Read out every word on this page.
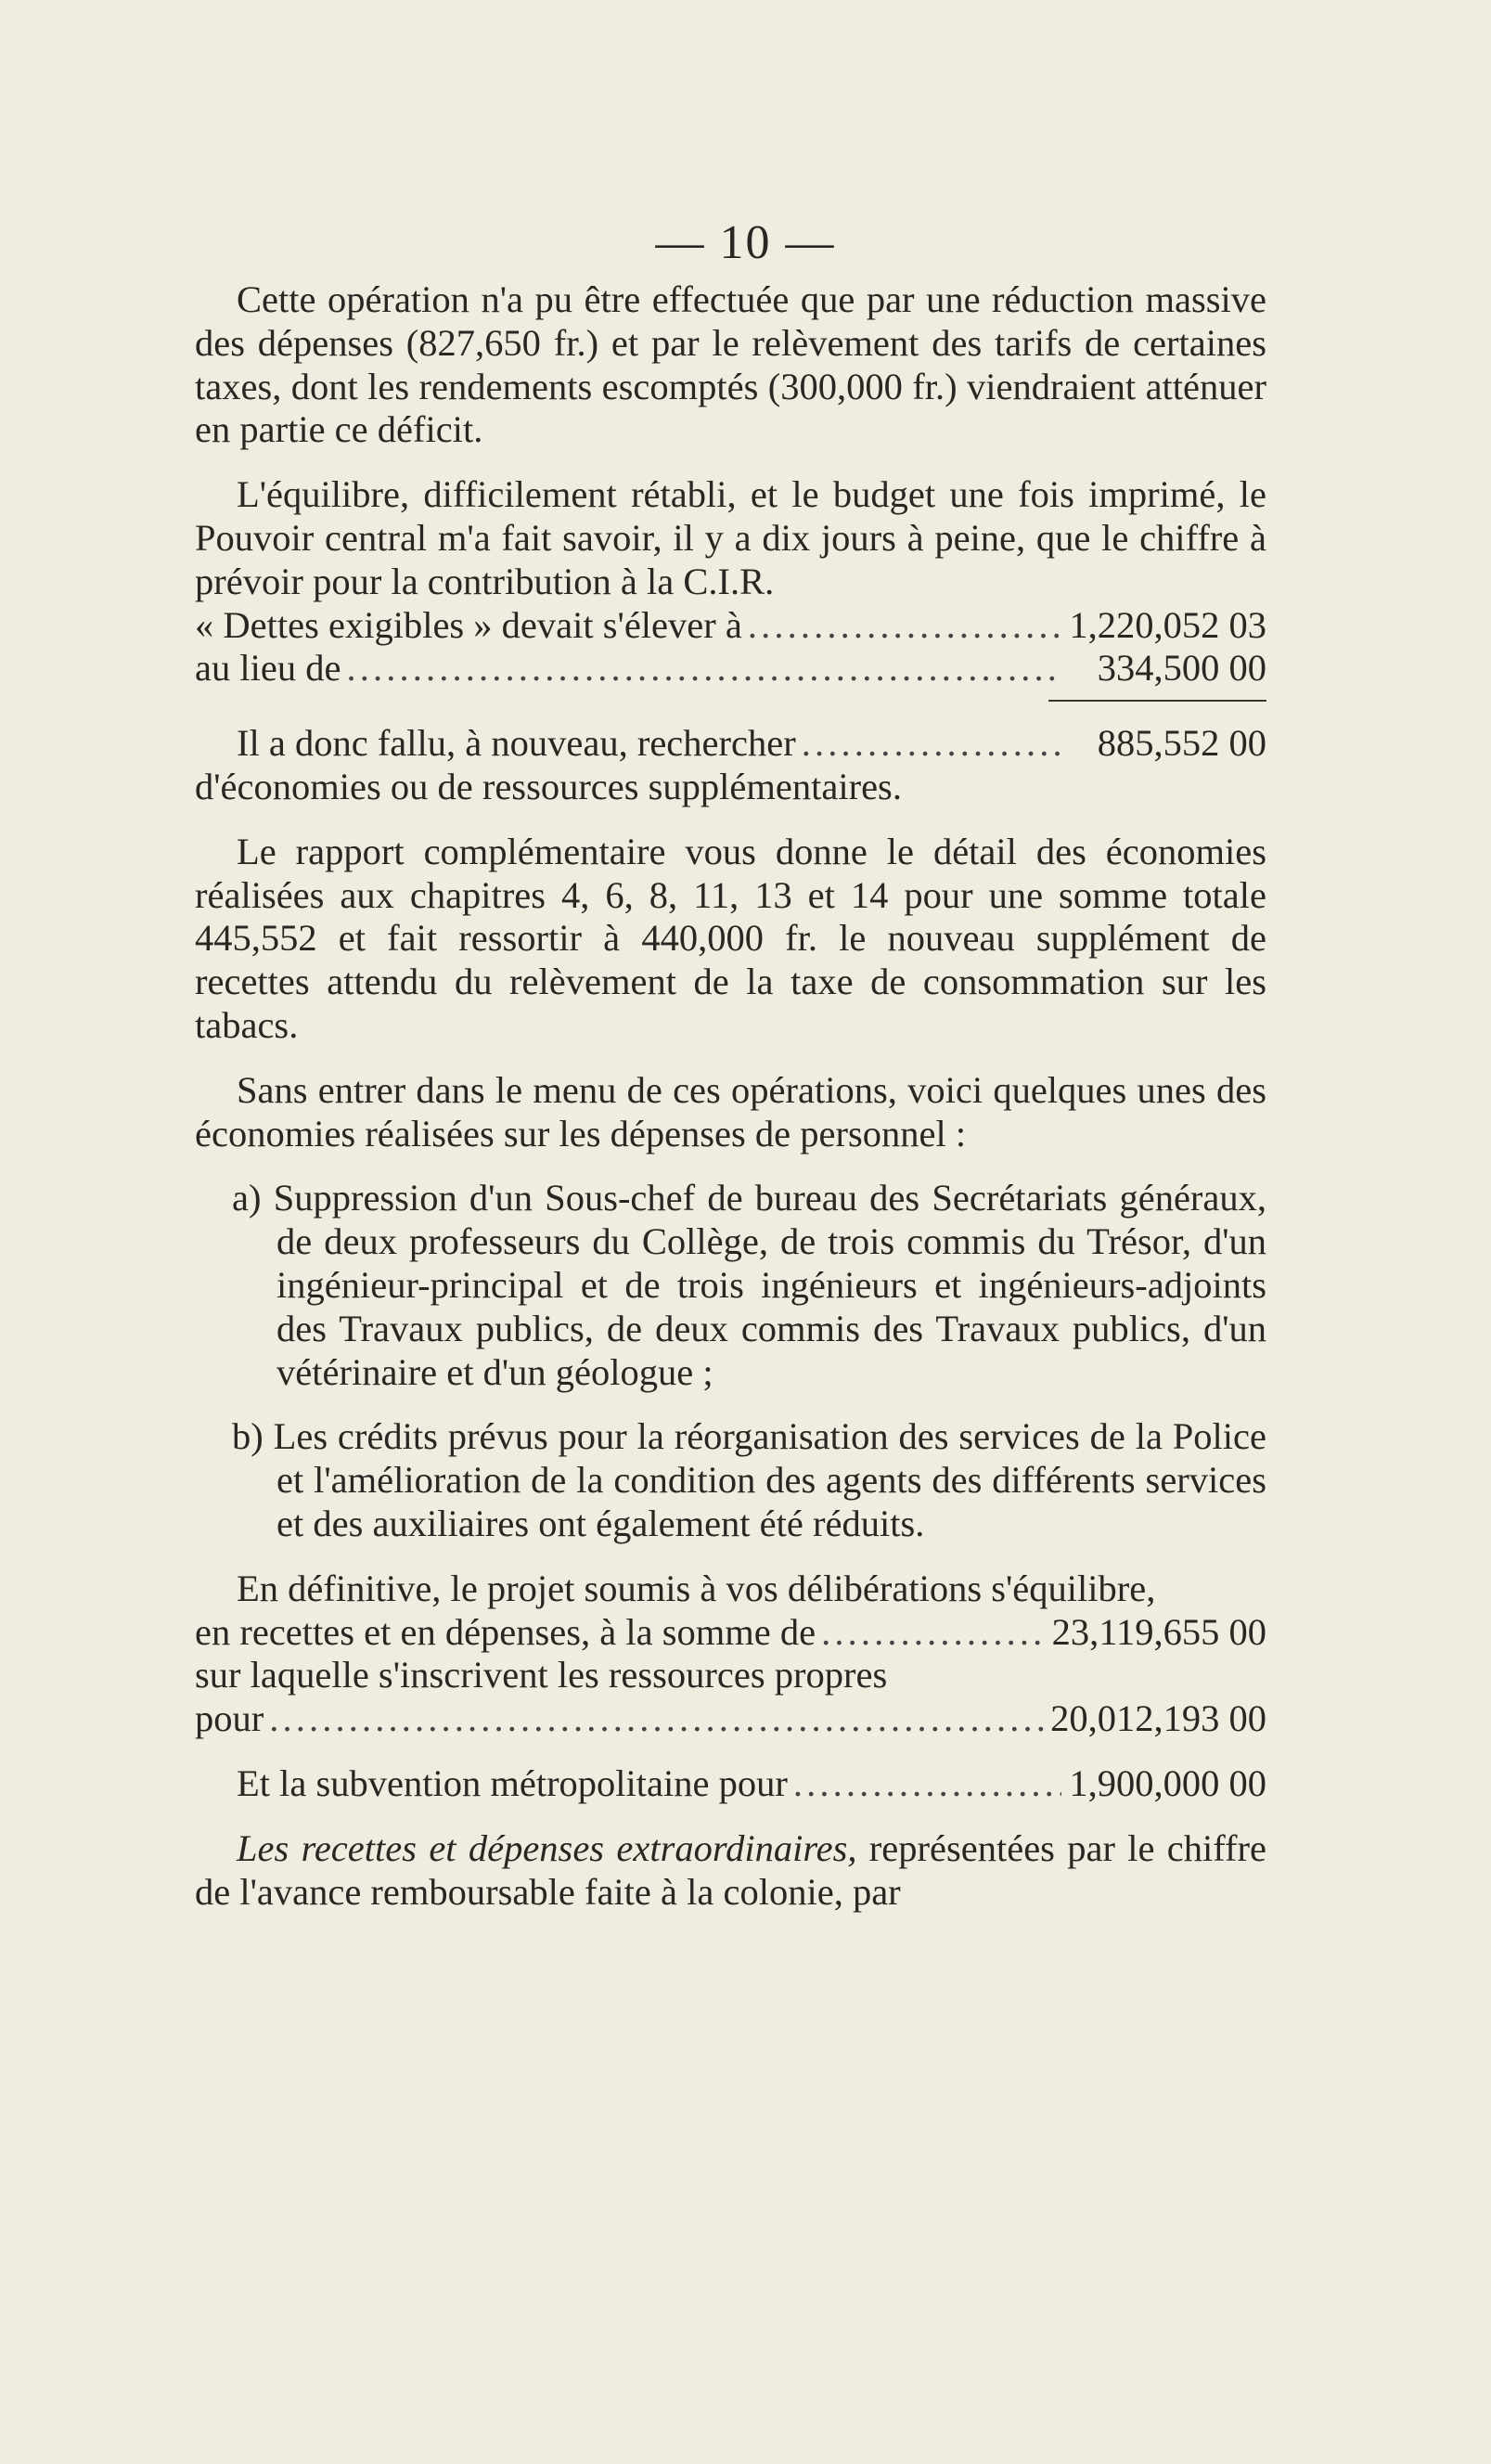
— 10 —

Cette opération n'a pu être effectuée que par une réduction massive des dépenses (827,650 fr.) et par le relèvement des tarifs de certaines taxes, dont les rendements escomptés (300,000 fr.) viendraient atténuer en partie ce déficit.

L'équilibre, difficilement rétabli, et le budget une fois imprimé, le Pouvoir central m'a fait savoir, il y a dix jours à peine, que le chiffre à prévoir pour la contribution à la C.I.R.

« Dettes exigibles » devait s'élever à . . .	1,220,052 03
au lieu de . . .	334,500 00
Il a donc fallu, à nouveau, rechercher . . .	885,552 00
d'économies ou de ressources supplémentaires.

Le rapport complémentaire vous donne le détail des économies réalisées aux chapitres 4, 6, 8, 11, 13 et 14 pour une somme totale 445,552 et fait ressortir à 440,000 fr. le nouveau supplément de recettes attendu du relèvement de la taxe de consommation sur les tabacs.

Sans entrer dans le menu de ces opérations, voici quelques unes des économies réalisées sur les dépenses de personnel :

a) Suppression d'un Sous-chef de bureau des Secrétariats généraux, de deux professeurs du Collège, de trois commis du Trésor, d'un ingénieur-principal et de trois ingénieurs et ingénieurs-adjoints des Travaux publics, de deux commis des Travaux publics, d'un vétérinaire et d'un géologue ;

b) Les crédits prévus pour la réorganisation des services de la Police et l'amélioration de la condition des agents des différents services et des auxiliaires ont également été réduits.

En définitive, le projet soumis à vos délibérations s'équilibre,
en recettes et en dépenses, à la somme de . . .	23,119,655 00
sur laquelle s'inscrivent les ressources propres
pour . . .	20,012,193 00
Et la subvention métropolitaine pour . . .	1,900,000 00

Les recettes et dépenses extraordinaires, représentées par le chiffre de l'avance remboursable faite à la colonie, par
